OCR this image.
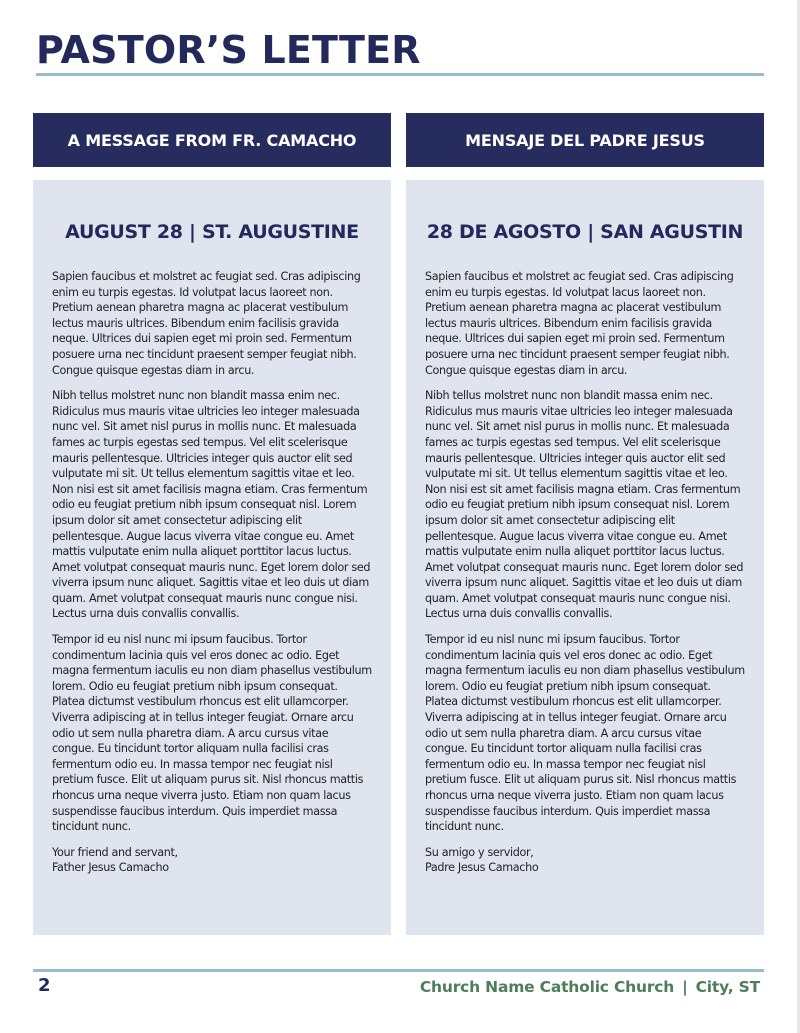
PASTOR’S LETTER
A MESSAGE FROM FR. CAMACHO	MENSAJE DEL PADRE JESUS
AUGUST 28 | ST. AUGUSTINE

Sapien faucibus et molstret ac feugiat sed. Cras adipiscing enim eu turpis egestas. Id volutpat lacus laoreet non. Pretium aenean pharetra magna ac placerat vestibulum lectus mauris ultrices. Bibendum enim facilisis gravida neque. Ultrices dui sapien eget mi proin sed. Fermentum posuere urna nec tincidunt praesent semper feugiat nibh. Congue quisque egestas diam in arcu.

Nibh tellus molstret nunc non blandit massa enim nec. Ridiculus mus mauris vitae ultricies leo integer malesuada nunc vel. Sit amet nisl purus in mollis nunc. Et malesuada fames ac turpis egestas sed tempus. Vel elit scelerisque mauris pellentesque. Ultricies integer quis auctor elit sed vulputate mi sit. Ut tellus elementum sagittis vitae et leo. Non nisi est sit amet facilisis magna etiam. Cras fermentum odio eu feugiat pretium nibh ipsum consequat nisl. Lorem ipsum dolor sit amet consectetur adipiscing elit pellentesque. Augue lacus viverra vitae congue eu. Amet mattis vulputate enim nulla aliquet porttitor lacus luctus. Amet volutpat consequat mauris nunc. Eget lorem dolor sed viverra ipsum nunc aliquet. Sagittis vitae et leo duis ut diam quam. Amet volutpat consequat mauris nunc congue nisi. Lectus urna duis convallis convallis.

Tempor id eu nisl nunc mi ipsum faucibus. Tortor condimentum lacinia quis vel eros donec ac odio. Eget magna fermentum iaculis eu non diam phasellus vestibulum lorem. Odio eu feugiat pretium nibh ipsum consequat. Platea dictumst vestibulum rhoncus est elit ullamcorper. Viverra adipiscing at in tellus integer feugiat. Ornare arcu odio ut sem nulla pharetra diam. A arcu cursus vitae congue. Eu tincidunt tortor aliquam nulla facilisi cras fermentum odio eu. In massa tempor nec feugiat nisl pretium fusce. Elit ut aliquam purus sit. Nisl rhoncus mattis rhoncus urna neque viverra justo. Etiam non quam lacus suspendisse faucibus interdum. Quis imperdiet massa tincidunt nunc.

Your friend and servant,
Father Jesus Camacho
28 DE AGOSTO | SAN AGUSTIN

Sapien faucibus et molstret ac feugiat sed. Cras adipiscing enim eu turpis egestas. Id volutpat lacus laoreet non. Pretium aenean pharetra magna ac placerat vestibulum lectus mauris ultrices. Bibendum enim facilisis gravida neque. Ultrices dui sapien eget mi proin sed. Fermentum posuere urna nec tincidunt praesent semper feugiat nibh. Congue quisque egestas diam in arcu.

Nibh tellus molstret nunc non blandit massa enim nec. Ridiculus mus mauris vitae ultricies leo integer malesuada nunc vel. Sit amet nisl purus in mollis nunc. Et malesuada fames ac turpis egestas sed tempus. Vel elit scelerisque mauris pellentesque. Ultricies integer quis auctor elit sed vulputate mi sit. Ut tellus elementum sagittis vitae et leo. Non nisi est sit amet facilisis magna etiam. Cras fermentum odio eu feugiat pretium nibh ipsum consequat nisl. Lorem ipsum dolor sit amet consectetur adipiscing elit pellentesque. Augue lacus viverra vitae congue eu. Amet mattis vulputate enim nulla aliquet porttitor lacus luctus. Amet volutpat consequat mauris nunc. Eget lorem dolor sed viverra ipsum nunc aliquet. Sagittis vitae et leo duis ut diam quam. Amet volutpat consequat mauris nunc congue nisi. Lectus urna duis convallis convallis.

Tempor id eu nisl nunc mi ipsum faucibus. Tortor condimentum lacinia quis vel eros donec ac odio. Eget magna fermentum iaculis eu non diam phasellus vestibulum lorem. Odio eu feugiat pretium nibh ipsum consequat. Platea dictumst vestibulum rhoncus est elit ullamcorper. Viverra adipiscing at in tellus integer feugiat. Ornare arcu odio ut sem nulla pharetra diam. A arcu cursus vitae congue. Eu tincidunt tortor aliquam nulla facilisi cras fermentum odio eu. In massa tempor nec feugiat nisl pretium fusce. Elit ut aliquam purus sit. Nisl rhoncus mattis rhoncus urna neque viverra justo. Etiam non quam lacus suspendisse faucibus interdum. Quis imperdiet massa tincidunt nunc.

Su amigo y servidor,
Padre Jesus Camacho
2	Church Name Catholic Church | City, ST
